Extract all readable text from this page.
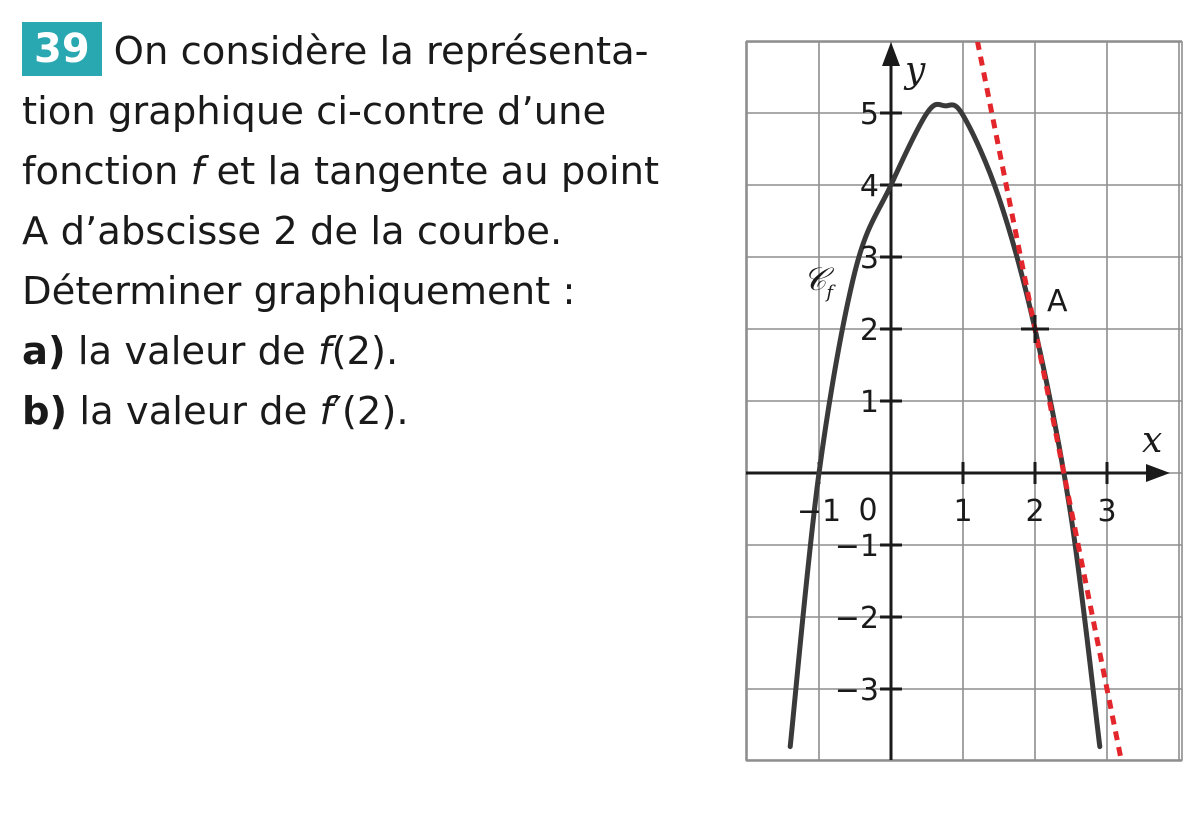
39 On considère la représenta-
tion graphique ci-contre d’une
fonction f et la tangente au point
A d’abscisse 2 de la courbe.
Déterminer graphiquement :
a) la valeur de f(2).
b) la valeur de f′(2).
x
y
0
𝒞$_f$
−1	1 2 3
5
4
3
2
1
−1
−2
−3
A
